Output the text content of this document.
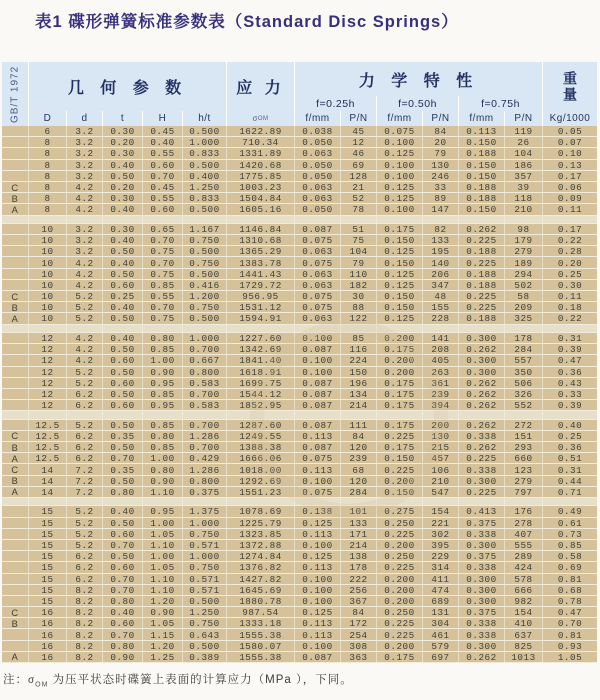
表1 碟形弹簧标准参数表（Standard Disc Springs）
GB/T 1972	几 何 参 数	应 力	力 学 特 性	重量
f=0.25h	f=0.50h	f=0.75h
D	d	t	H	h/t	σ OM	f/mm	P/N	f/mm	P/N	f/mm	P/N	Kg/1000
6	3.2	0.30	0.45	0.500	1622.89	0.038	45	0.075	84	0.113	119	0.05
8	3.2	0.20	0.40	1.000	710.34	0.050	12	0.100	20	0.150	26	0.07
8	3.2	0.30	0.55	0.833	1331.89	0.063	46	0.125	79	0.188	104	0.10
8	3.2	0.40	0.60	0.500	1420.68	0.050	69	0.100	130	0.150	186	0.13
8	3.2	0.50	0.70	0.400	1775.85	0.050	128	0.100	246	0.150	357	0.17
C	8	4.2	0.20	0.45	1.250	1003.23	0.063	21	0.125	33	0.188	39	0.06
B	8	4.2	0.30	0.55	0.833	1504.84	0.063	52	0.125	89	0.188	118	0.09
A	8	4.2	0.40	0.60	0.500	1605.16	0.050	78	0.100	147	0.150	210	0.11
10	3.2	0.30	0.65	1.167	1146.84	0.087	51	0.175	82	0.262	98	0.17
10	3.2	0.40	0.70	0.750	1310.68	0.075	75	0.150	133	0.225	179	0.22
10	3.2	0.50	0.75	0.500	1365.29	0.063	104	0.125	195	0.188	279	0.28
10	4.2	0.40	0.70	0.750	1383.78	0.075	79	0.150	140	0.225	189	0.20
10	4.2	0.50	0.75	0.500	1441.43	0.063	110	0.125	206	0.188	294	0.25
10	4.2	0.60	0.85	0.416	1729.72	0.063	182	0.125	347	0.188	502	0.30
C	10	5.2	0.25	0.55	1.200	956.95	0.075	30	0.150	48	0.225	58	0.11
B	10	5.2	0.40	0.70	0.750	1531.12	0.075	88	0.150	155	0.225	209	0.18
A	10	5.2	0.50	0.75	0.500	1594.91	0.063	122	0.125	228	0.188	325	0.22
12	4.2	0.40	0.80	1.000	1227.60	0.100	85	0.200	141	0.300	178	0.31
12	4.2	0.50	0.85	0.700	1342.69	0.087	116	0.175	208	0.262	284	0.39
12	4.2	0.60	1.00	0.667	1841.40	0.100	224	0.200	405	0.300	557	0.47
12	5.2	0.50	0.90	0.800	1618.91	0.100	150	0.200	263	0.300	350	0.36
12	5.2	0.60	0.95	0.583	1699.75	0.087	196	0.175	361	0.262	506	0.43
12	6.2	0.50	0.85	0.700	1544.12	0.087	134	0.175	239	0.262	326	0.33
12	6.2	0.60	0.95	0.583	1852.95	0.087	214	0.175	394	0.262	552	0.39
12.5	5.2	0.50	0.85	0.700	1287.60	0.087	111	0.175	200	0.262	272	0.40
C	12.5	6.2	0.35	0.80	1.286	1249.55	0.113	84	0.225	130	0.338	151	0.25
B	12.5	6.2	0.50	0.85	0.700	1388.38	0.087	120	0.175	215	0.262	293	0.36
A	12.5	6.2	0.70	1.00	0.429	1666.06	0.075	239	0.150	457	0.225	660	0.51
C	14	7.2	0.35	0.80	1.286	1018.00	0.113	68	0.225	106	0.338	123	0.31
B	14	7.2	0.50	0.90	0.800	1292.69	0.100	120	0.200	210	0.300	279	0.44
A	14	7.2	0.80	1.10	0.375	1551.23	0.075	284	0.150	547	0.225	797	0.71
15	5.2	0.40	0.95	1.375	1078.69	0.138	101	0.275	154	0.413	176	0.49
15	5.2	0.50	1.00	1.000	1225.79	0.125	133	0.250	221	0.375	278	0.61
15	5.2	0.60	1.05	0.750	1323.85	0.113	171	0.225	302	0.338	407	0.73
15	5.2	0.70	1.10	0.571	1372.88	0.100	214	0.200	395	0.300	555	0.85
15	6.2	0.50	1.00	1.000	1274.84	0.125	138	0.250	229	0.375	289	0.58
15	6.2	0.60	1.05	0.750	1376.82	0.113	178	0.225	314	0.338	424	0.69
15	6.2	0.70	1.10	0.571	1427.82	0.100	222	0.200	411	0.300	578	0.81
15	8.2	0.70	1.10	0.571	1645.69	0.100	256	0.200	474	0.300	666	0.68
15	8.2	0.80	1.20	0.500	1880.78	0.100	367	0.200	689	0.300	982	0.78
C	16	8.2	0.40	0.90	1.250	987.54	0.125	84	0.250	131	0.375	154	0.47
B	16	8.2	0.60	1.05	0.750	1333.18	0.113	172	0.225	304	0.338	410	0.70
16	8.2	0.70	1.15	0.643	1555.38	0.113	254	0.225	461	0.338	637	0.81
16	8.2	0.80	1.20	0.500	1580.07	0.100	308	0.200	579	0.300	825	0.93
A	16	8.2	0.90	1.25	0.389	1555.38	0.087	363	0.175	697	0.262	1013	1.05
注：$\sigma_{OM}$ 为压平状态时碟簧上表面的计算应力（MPa ），下同。
